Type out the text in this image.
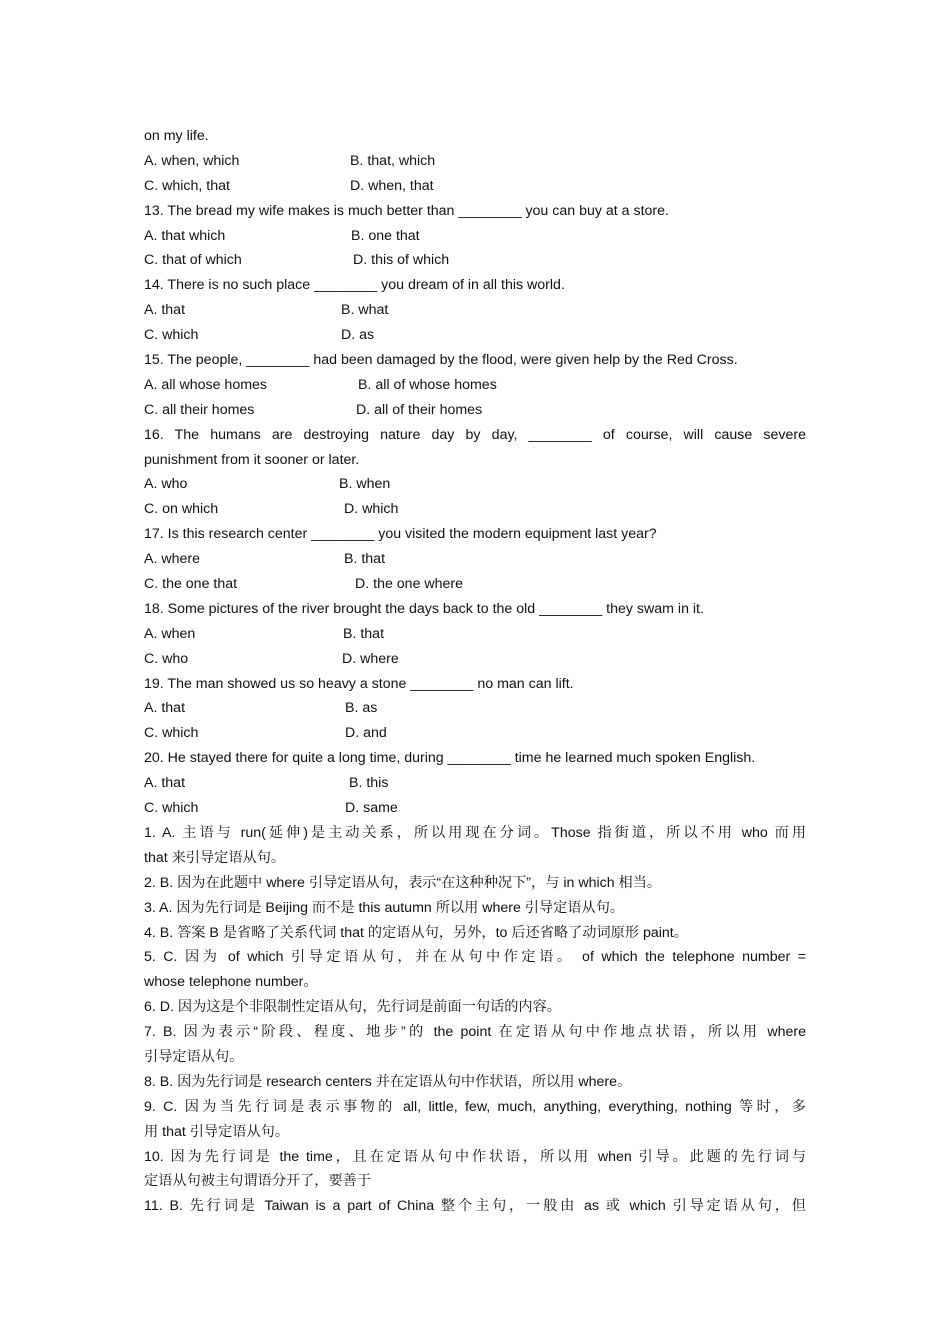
on my life.
A. when, which	B. that, which
C. which, that	D. when, that
13. The bread my wife makes is much better than ________ you can buy at a store.
A. that which	B. one that
C. that of which	D. this of which
14. There is no such place ________ you dream of in all this world.
A. that	B. what
C. which	D. as
15. The people, ________ had been damaged by the flood, were given help by the Red Cross.
A. all whose homes	B. all of whose homes
C. all their homes	D. all of their homes
16. The humans are destroying nature day by day, ________ of course, will cause severe
punishment from it sooner or later.
A. who	B. when
C. on which	D. which
17. Is this research center ________ you visited the modern equipment last year?
A. where	B. that
C. the one that	D. the one where
18. Some pictures of the river brought the days back to the old ________ they swam in it.
A. when	B. that
C. who	D. where
19. The man showed us so heavy a stone ________ no man can lift.
A. that	B. as
C. which	D. and
20. He stayed there for quite a long time, during ________ time he learned much spoken English.
A. that	B. this
C. which	D. same
1. A. 主语与 run(延伸)是主动关系，所以用现在分词。Those 指街道，所以不用 who 而用
that 来引导定语从句。
2. B. 因为在此题中 where 引导定语从句，表示“在这种种况下”，与 in which 相当。
3. A. 因为先行词是 Beijing 而不是 this autumn 所以用 where 引导定语从句。
4. B. 答案 B 是省略了关系代词 that 的定语从句，另外，to 后还省略了动词原形 paint。
5. C. 因为 of which 引导定语从句，并在从句中作定语。 of which the telephone number =
whose telephone number。
6. D. 因为这是个非限制性定语从句，先行词是前面一句话的内容。
7. B. 因为表示“阶段、程度、地步”的 the point 在定语从句中作地点状语，所以用 where
引导定语从句。
8. B. 因为先行词是 research centers 并在定语从句中作状语，所以用 where。
9. C. 因为当先行词是表示事物的 all, little, few, much, anything, everything, nothing 等时，多
用 that 引导定语从句。
10. 因为先行词是 the time，且在定语从句中作状语，所以用 when 引导。此题的先行词与
定语从句被主句谓语分开了，要善于
11. B. 先行词是 Taiwan is a part of China 整个主句，一般由 as 或 which 引导定语从句，但
